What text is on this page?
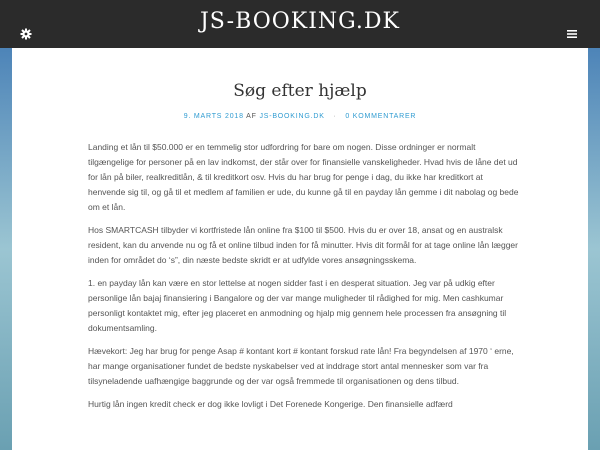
JS-BOOKING.DK
Søg efter hjælp
9. MARTS 2018 AF JS-BOOKING.DK · 0 KOMMENTARER

Landing et lån til $50.000 er en temmelig stor udfordring for bare om nogen. Disse ordninger er normalt tilgængelige for personer på en lav indkomst, der står over for finansielle vanskeligheder. Hvad hvis de låne det ud for lån på biler, realkreditlån, & til kreditkort osv. Hvis du har brug for penge i dag, du ikke har kreditkort at henvende sig til, og gå til et medlem af familien er ude, du kunne gå til en payday lån gemme i dit nabolag og bede om et lån.

Hos SMARTCASH tilbyder vi kortfristede lån online fra $100 til $500. Hvis du er over 18, ansat og en australsk resident, kan du anvende nu og få et online tilbud inden for få minutter. Hvis dit formål for at tage online lån lægger inden for området do ‘s”, din næste bedste skridt er at udfylde vores ansøgningsskema.

1. en payday lån kan være en stor lettelse at nogen sidder fast i en desperat situation. Jeg var på udkig efter personlige lån bajaj finansiering i Bangalore og der var mange muligheder til rådighed for mig. Men cashkumar personligt kontaktet mig, efter jeg placeret en anmodning og hjalp mig gennem hele processen fra ansøgning til dokumentsamling.

Hævekort: Jeg har brug for penge Asap # kontant kort # kontant forskud rate lån! Fra begyndelsen af 1970 ‘ erne, har mange organisationer fundet de bedste nyskabelser ved at inddrage stort antal mennesker som var fra tilsyneladende uafhængige baggrunde og der var også fremmede til organisationen og dens tilbud.

Hurtig lån ingen kredit check er dog ikke lovligt i Det Forenede Kongerige. Den finansielle adfærd
